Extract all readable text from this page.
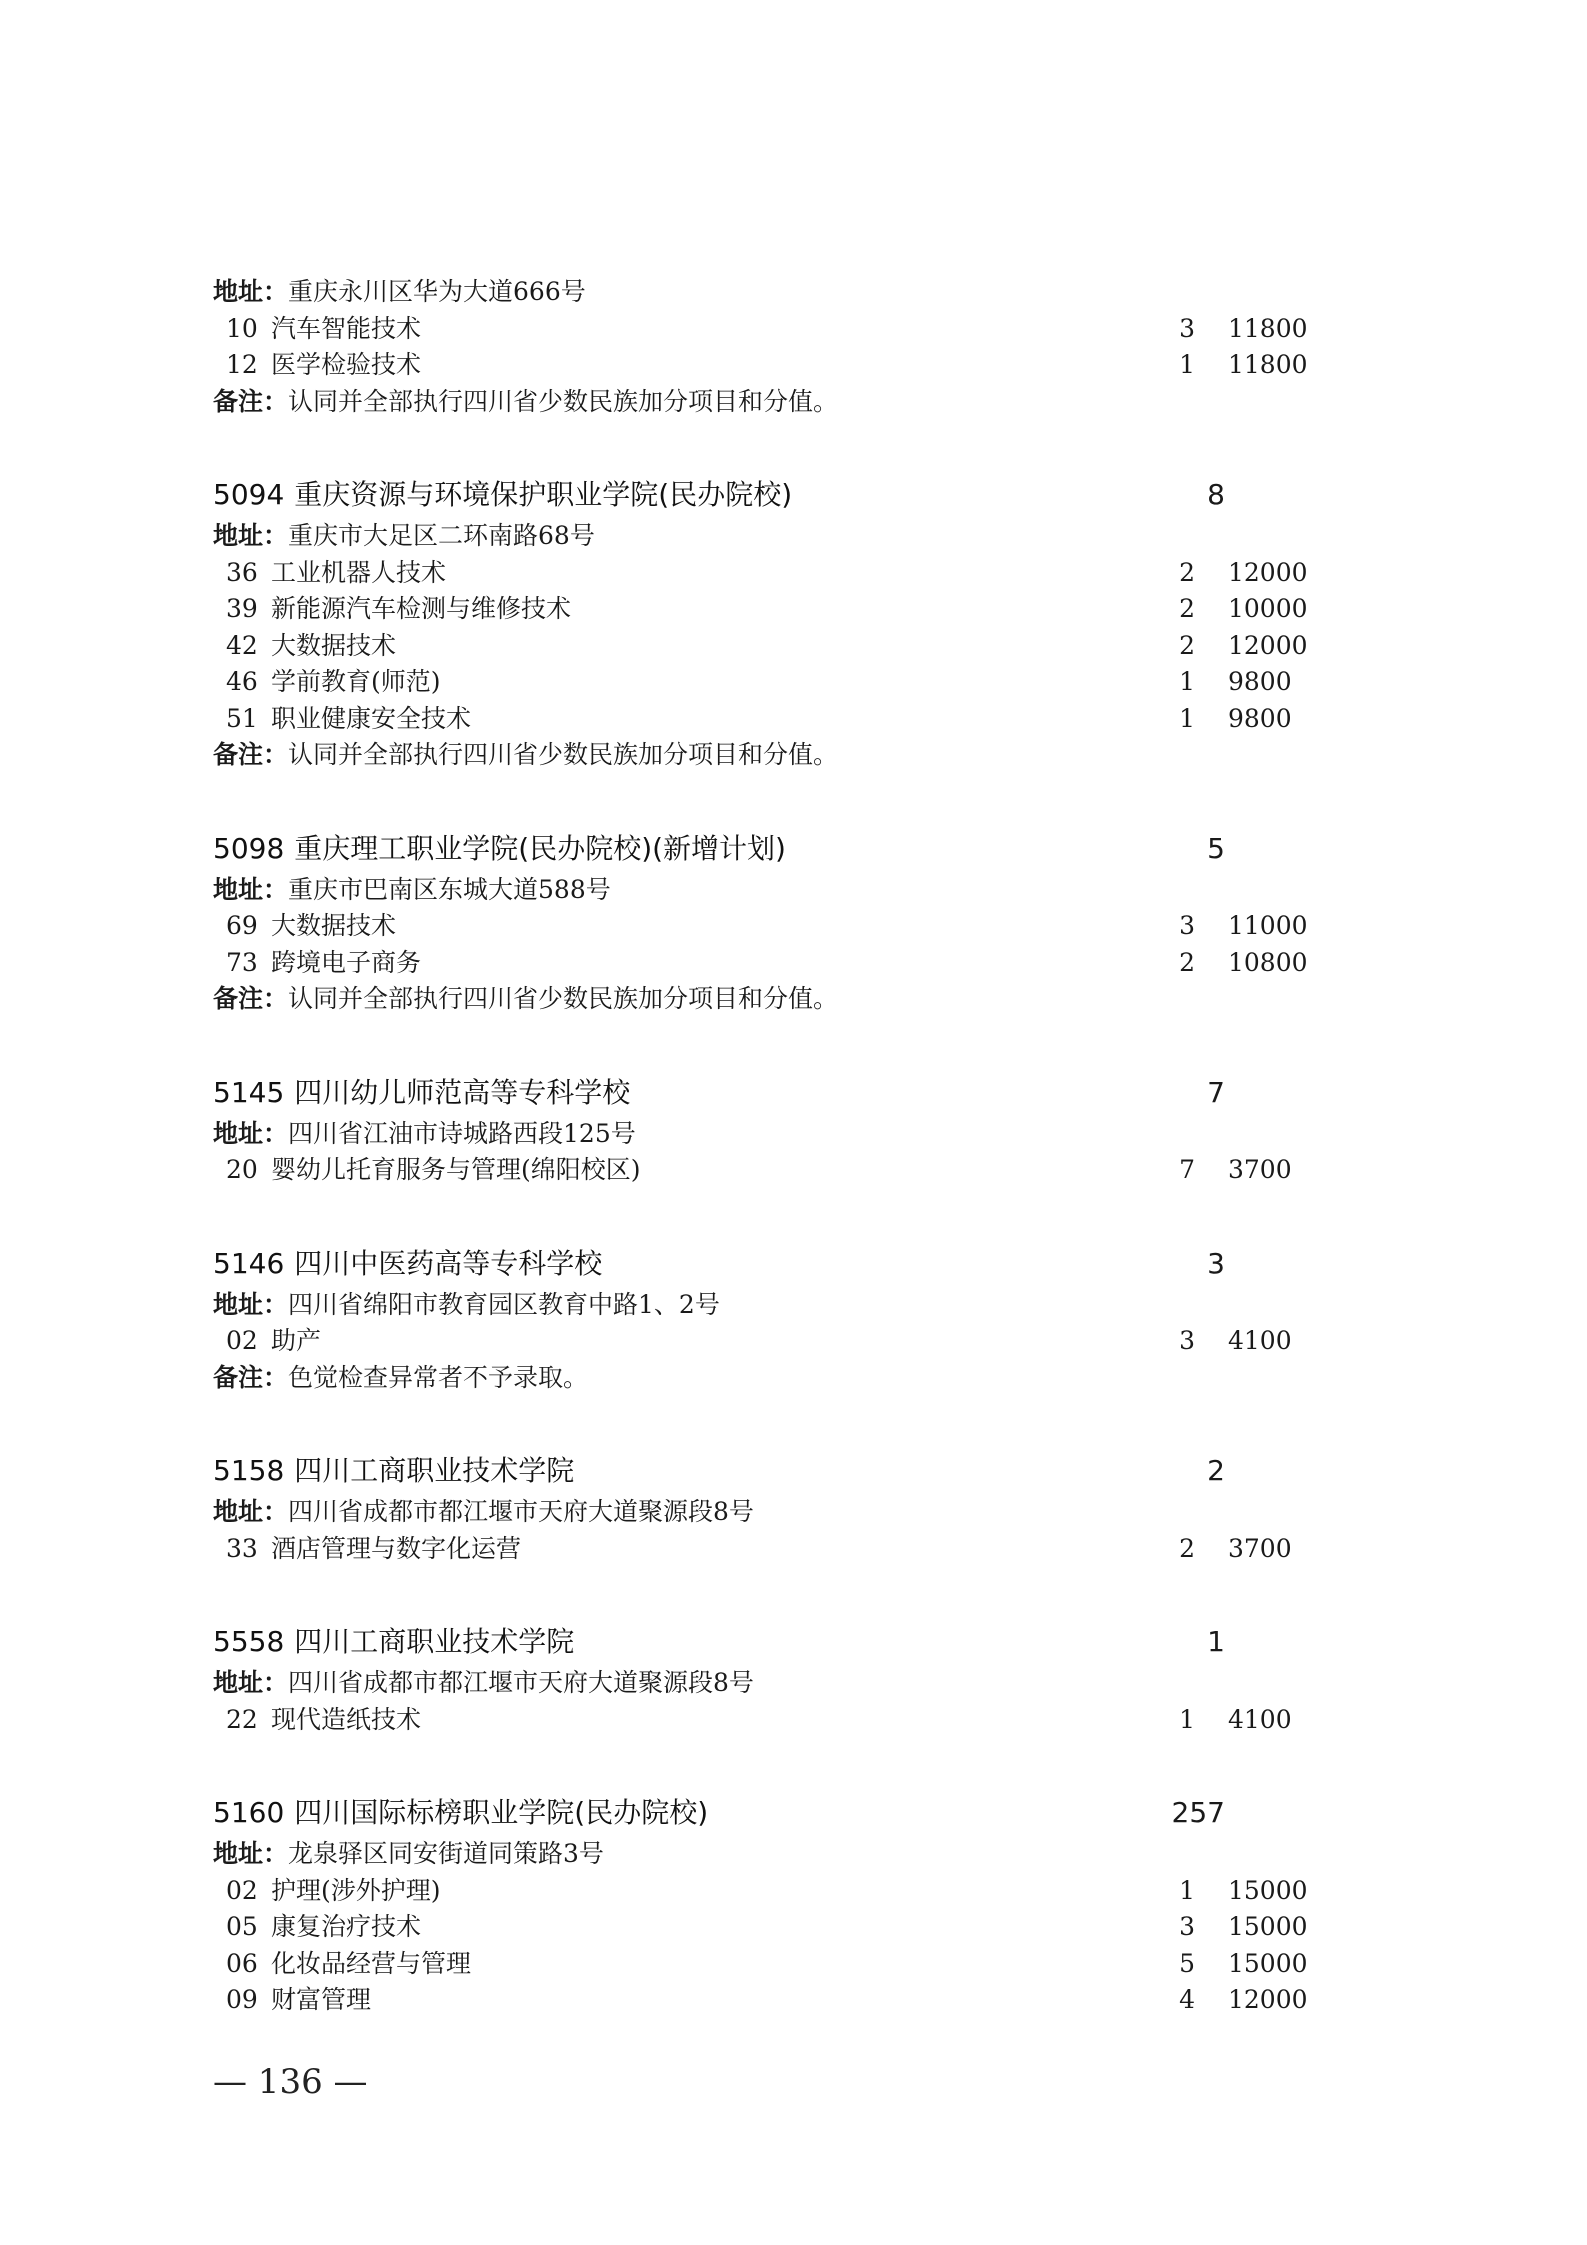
地址：重庆永川区华为大道666号
10 汽车智能技术	3 11800
12 医学检验技术	1 11800
备注：认同并全部执行四川省少数民族加分项目和分值。
5094 重庆资源与环境保护职业学院(民办院校)	8
地址：重庆市大足区二环南路68号
36 工业机器人技术	2 12000
39 新能源汽车检测与维修技术	2 10000
42 大数据技术	2 12000
46 学前教育(师范)	1 9800
51 职业健康安全技术	1 9800
备注：认同并全部执行四川省少数民族加分项目和分值。
5098 重庆理工职业学院(民办院校)(新增计划)	5
地址：重庆市巴南区东城大道588号
69 大数据技术	3 11000
73 跨境电子商务	2 10800
备注：认同并全部执行四川省少数民族加分项目和分值。
5145 四川幼儿师范高等专科学校	7
地址：四川省江油市诗城路西段125号
20 婴幼儿托育服务与管理(绵阳校区)	7 3700
5146 四川中医药高等专科学校	3
地址：四川省绵阳市教育园区教育中路1、2号
02 助产	3 4100
备注：色觉检查异常者不予录取。
5158 四川工商职业技术学院	2
地址：四川省成都市都江堰市天府大道聚源段8号
33 酒店管理与数字化运营	2 3700
5558 四川工商职业技术学院	1
地址：四川省成都市都江堰市天府大道聚源段8号
22 现代造纸技术	1 4100
5160 四川国际标榜职业学院(民办院校)	257
地址：龙泉驿区同安街道同策路3号
02 护理(涉外护理)	1 15000
05 康复治疗技术	3 15000
06 化妆品经营与管理	5 15000
09 财富管理	4 12000
— 136 —
